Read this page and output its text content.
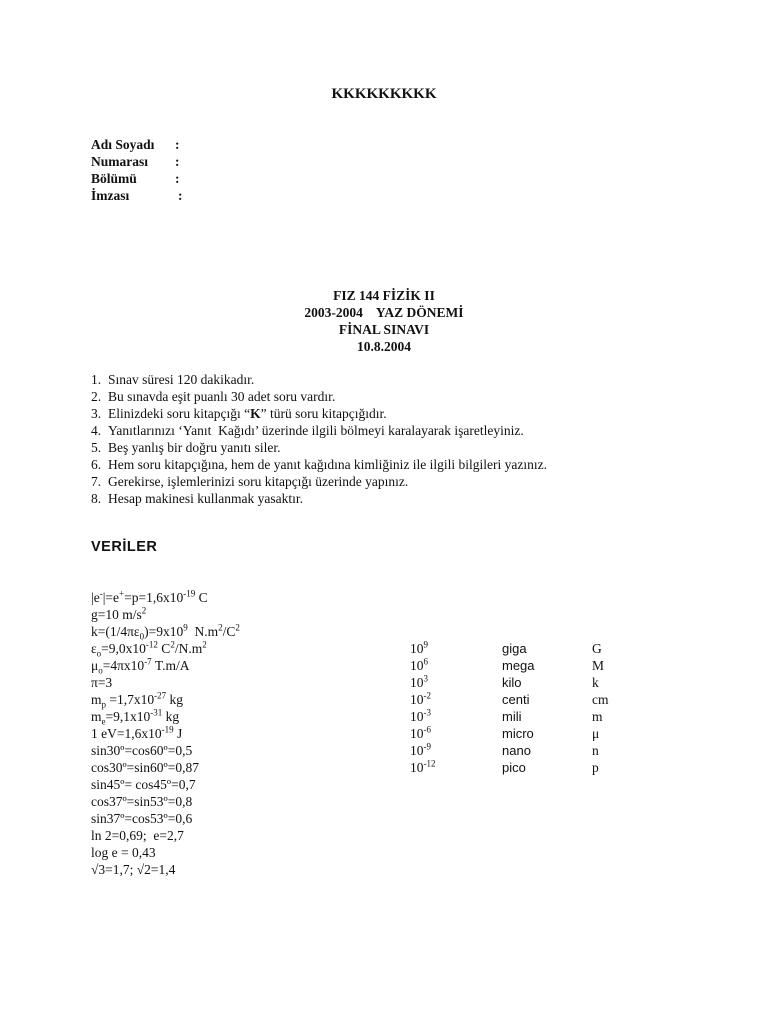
KKKKKKKKK
Adı Soyadı :
Numarası :
Bölümü	:
İmzası	:
FIZ 144 FİZİK II
2003-2004    YAZ DÖNEMİ
FİNAL SINAVI
10.8.2004
1. Sınav süresi 120 dakikadır.
2. Bu sınavda eşit puanlı 30 adet soru vardır.
3. Elinizdeki soru kitapçığı “K” türü soru kitapçığıdır.
4. Yanıtlarınızı ‘Yanıt  Kağıdı’ üzerinde ilgili bölmeyi karalayarak işaretleyiniz.
5. Beş yanlış bir doğru yanıtı siler.
6. Hem soru kitapçığına, hem de yanıt kağıdına kimliğiniz ile ilgili bilgileri yazınız.
7. Gerekirse, işlemlerinizi soru kitapçığı üzerinde yapınız.
8. Hesap makinesi kullanmak yasaktır.
VERİLER
$|e^-|=e^+=p=1,6x10^{-19}$ C
g=10 $m/s^2$
$k=(1/4\pi\varepsilon_0)=9x10^9$  $N.m^2/C^2$
$\varepsilon_o=9,0x10^{-12}$ $C^2/N.m^2$
$\mu_o=4\pi x10^{-7}$ T.m/A
π=3
$m_p =1,7x10^{-27}$ kg
$m_e=9,1x10^{-31}$ kg
1 $eV=1,6x10^{-19}$ J
sin30º=cos60º=0,5
cos30º=sin60º=0,87
sin45º= cos45º=0,7
cos37º=sin53º=0,8
sin37º=cos53º=0,6
ln 2=0,69;  e=2,7
log e = 0,43
√3=1,7; √2=1,4
$10^9$	giga	G
$10^6$	mega	M
$10^3$	kilo	k
$10^{-2}$	centi	cm
$10^{-3}$	mili	m
$10^{-6}$	micro	μ
$10^{-9}$	nano	n
$10^{-12}$	pico	p
